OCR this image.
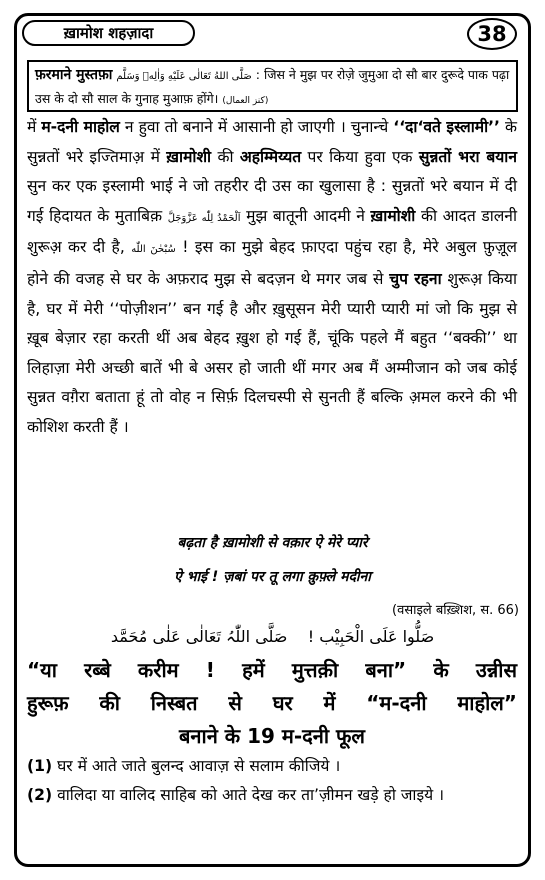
ख़ामोश शहज़ादा	38
फ़रमाने मुस्तफ़ा صَلَّى اللهُ تَعَالٰى عَلَيْهِ وَاٰلِهٖ وَسَلَّم : जिस ने मुझ पर रोज़े जुमुआ दो सौ बार दुरूदे पाक पढ़ा उस के दो सौ साल के गुनाह मुआफ़ होंगे। (کنز العمال)
में म-दनी माहोल न हुवा तो बनाने में आसानी हो जाएगी । चुनान्चे ‘‘दा‘वते इस्लामी’’ के सुन्नतों भरे इज्तिमाअ़ में ख़ामोशी की अहम्मिय्यत पर किया हुवा एक सुन्नतों भरा बयान सुन कर एक इस्लामी भाई ने जो तहरीर दी उस का खुलासा है : सुन्नतों भरे बयान में दी गई हिदायत के मुताबिक़ اَلْحَمْدُ لِلّٰه عَزَّوَجَلَّ मुझ बातूनी आदमी ने ख़ामोशी की आदत डालनी शुरूअ़ कर दी है, سُبْحٰنَ اللّٰه ! इस का मुझे बेहद फ़ाएदा पहुंच रहा है, मेरे अबुल फ़ुज़ूल होने की वजह से घर के अफ़राद मुझ से बदज़न थे मगर जब से चुप रहना शुरूअ़ किया है, घर में मेरी ‘‘पोज़ीशन’’ बन गई है और ख़ुसूसन मेरी प्यारी प्यारी मां जो कि मुझ से ख़ूब बेज़ार रहा करती थीं अब बेहद ख़ुश हो गई हैं, चूंकि पहले मैं बहुत ‘‘बक्की’’ था लिहाज़ा मेरी अच्छी बातें भी बे असर हो जाती थीं मगर अब मैं अम्मीजान को जब कोई सुन्नत वग़ैरा बताता हूं तो वोह न सिर्फ़ दिलचस्पी से सुनती हैं बल्कि अ़मल करने की भी कोशिश करती हैं ।
बढ़ता है ख़ामोशी से वक़ार ऐ मेरे प्यारे
ऐ भाई ! ज़बां पर तू लगा क़ुफ़्ले मदीना
(वसाइले बख़्शिश, स. 66)
صَلُّوا عَلَی الْحَبِیْب !    صَلَّی اللّٰہُ تَعَالٰی عَلٰی مُحَمَّد
“या रब्बे करीम ! हमें मुत्तक़ी बना” के उन्नीस
हुरूफ़ की निस्बत से घर में “म-दनी माहोल”
बनाने के 19 म-दनी फूल
(1) घर में आते जाते बुलन्द आवाज़ से सलाम कीजिये ।
(2) वालिदा या वालिद साहिब को आते देख कर ता’ज़ीमन खड़े हो जाइये ।
